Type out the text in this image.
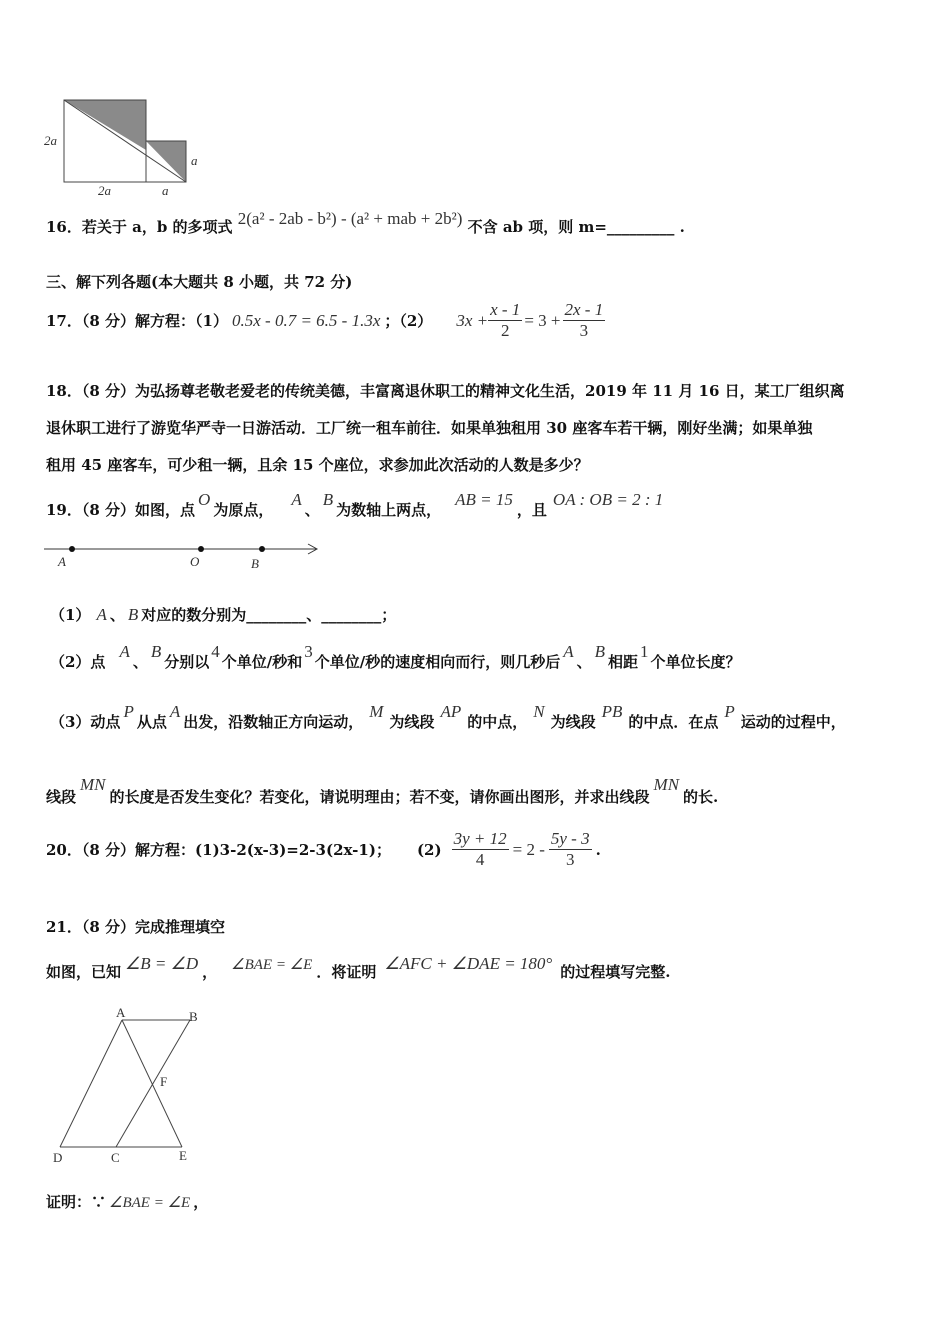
2a
2a	a
a
16．若关于 a，b 的多项式 2(a² - 2ab - b²) - (a² + mab + 2b²) 不含 ab 项，则 m=_________ .
三、解下列各题(本大题共 8 小题，共 72 分)
17．（8 分）解方程：（1） 0.5x - 0.7 = 6.5 - 1.3x ；（2） $3x + \frac{x - 1}{2} = 3 + \frac{2x - 1}{3}$
18．（8 分）为弘扬尊老敬老爱老的传统美德，丰富离退休职工的精神文化生活，2019 年 11 月 16 日，某工厂组织离
退休职工进行了游览华严寺一日游活动．工厂统一租车前往．如果单独租用 30 座客车若干辆，刚好坐满；如果单独
租用 45 座客车，可少租一辆，且余 15 个座位，求参加此次活动的人数是多少？
19．（8 分）如图，点O为原点，A、B为数轴上两点，AB = 15，且OA : OB = 2 : 1
A	O	B
（1） A 、 B 对应的数分别为________、________；
（2）点A、B分别以4个单位/秒和3个单位/秒的速度相向而行，则几秒后A、B相距1个单位长度？
（3）动点P从点A出发，沿数轴正方向运动，M为线段AP的中点，N为线段PB的中点．在点P运动的过程中，
线段MN的长度是否发生变化？若变化，请说明理由；若不变，请你画出图形，并求出线段MN的长.
20．（8 分）解方程：(1)3-2(x-3)=2-3(2x-1)； $(2) \frac{3y + 12}{4} = 2 - \frac{5y - 3}{3}$ .
21．（8 分）完成推理填空
如图，已知 ∠B = ∠D ， ∠BAE = ∠E ．将证明 ∠AFC + ∠DAE = 180° 的过程填写完整.
A	B
F
D	C	E
证明：∵ ∠BAE = ∠E ，
